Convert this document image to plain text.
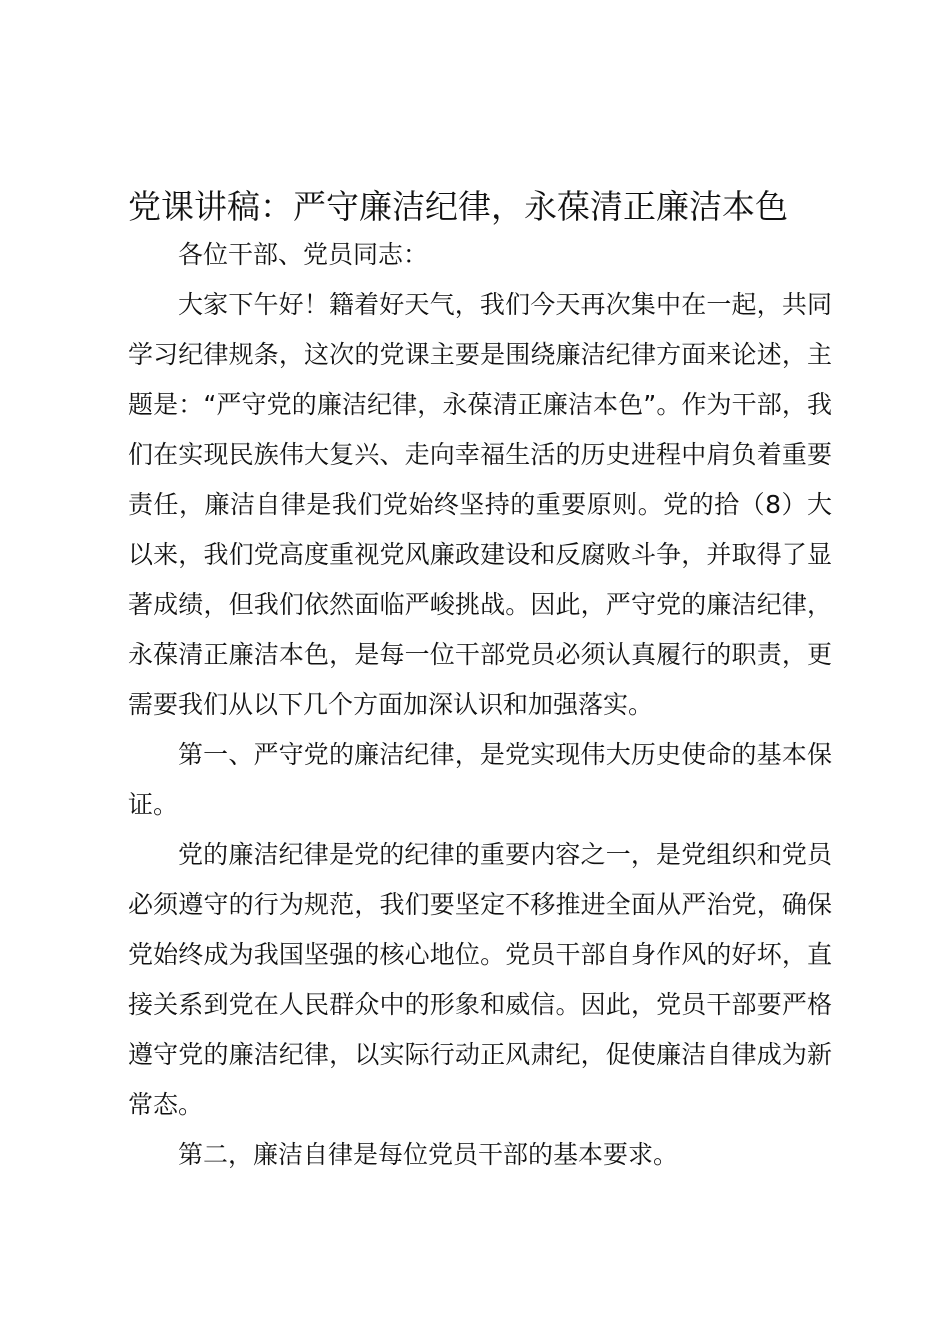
党课讲稿：严守廉洁纪律，永葆清正廉洁本色

各位干部、党员同志：

大家下午好！籍着好天气，我们今天再次集中在一起，共同学习纪律规条，这次的党课主要是围绕廉洁纪律方面来论述，主题是：“严守党的廉洁纪律，永葆清正廉洁本色”。作为干部，我们在实现民族伟大复兴、走向幸福生活的历史进程中肩负着重要责任，廉洁自律是我们党始终坚持的重要原则。党的拾（8）大以来，我们党高度重视党风廉政建设和反腐败斗争，并取得了显著成绩，但我们依然面临严峻挑战。因此，严守党的廉洁纪律，永葆清正廉洁本色，是每一位干部党员必须认真履行的职责，更需要我们从以下几个方面加深认识和加强落实。

第一、严守党的廉洁纪律，是党实现伟大历史使命的基本保证。

党的廉洁纪律是党的纪律的重要内容之一，是党组织和党员必须遵守的行为规范，我们要坚定不移推进全面从严治党，确保党始终成为我国坚强的核心地位。党员干部自身作风的好坏，直接关系到党在人民群众中的形象和威信。因此，党员干部要严格遵守党的廉洁纪律，以实际行动正风肃纪，促使廉洁自律成为新常态。

第二，廉洁自律是每位党员干部的基本要求。
